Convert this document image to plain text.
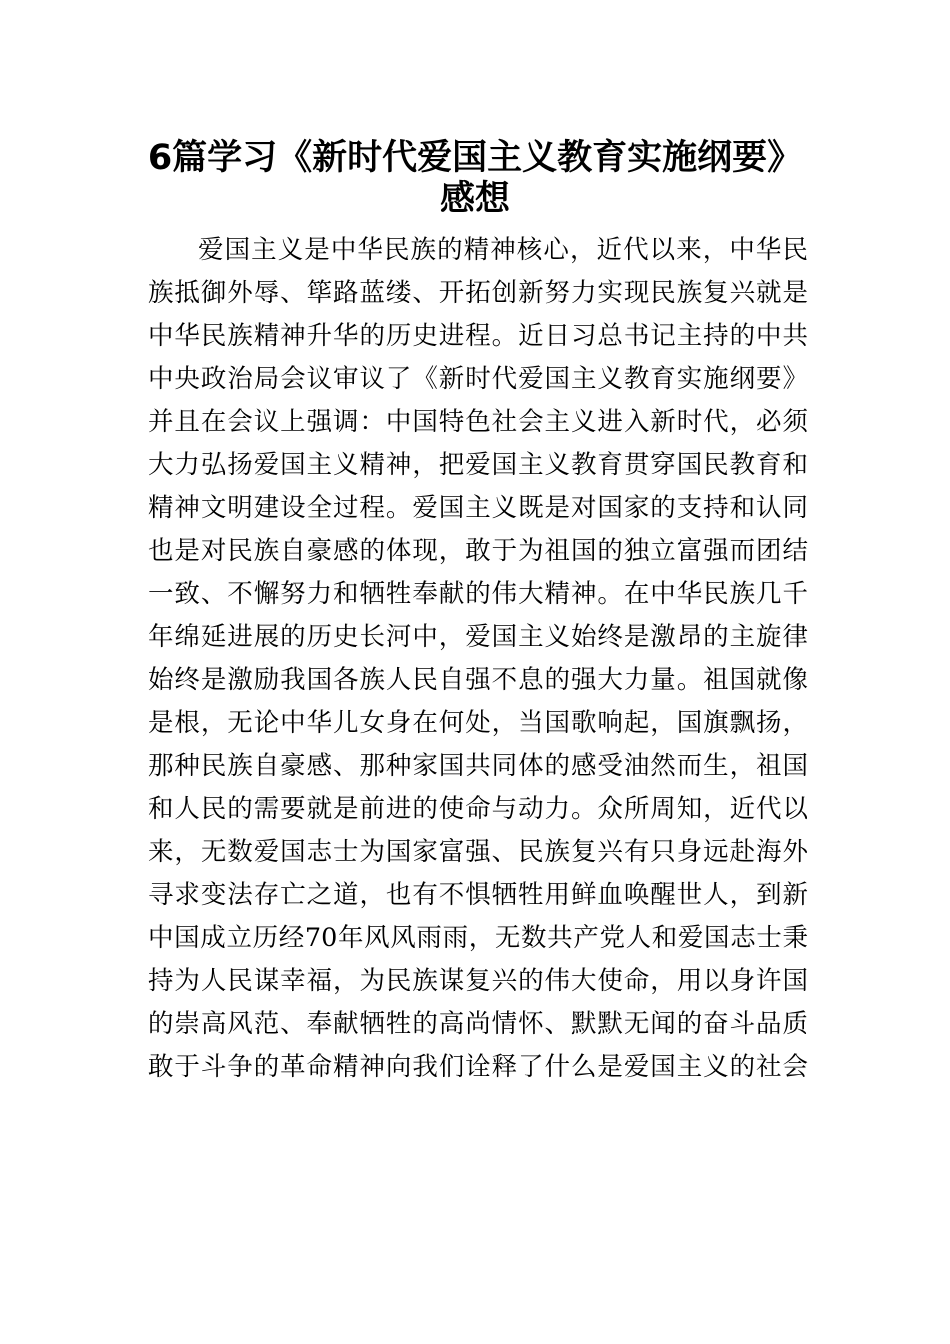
6篇学习《新时代爱国主义教育实施纲要》
感想

爱国主义是中华民族的精神核心，近代以来，中华民

族抵御外辱、筚路蓝缕、开拓创新努力实现民族复兴就是

中华民族精神升华的历史进程。近日习总书记主持的中共

中央政治局会议审议了《新时代爱国主义教育实施纲要》

并且在会议上强调：中国特色社会主义进入新时代，必须

大力弘扬爱国主义精神，把爱国主义教育贯穿国民教育和

精神文明建设全过程。爱国主义既是对国家的支持和认同

也是对民族自豪感的体现，敢于为祖国的独立富强而团结

一致、不懈努力和牺牲奉献的伟大精神。在中华民族几千

年绵延进展的历史长河中，爱国主义始终是激昂的主旋律

始终是激励我国各族人民自强不息的强大力量。祖国就像

是根，无论中华儿女身在何处，当国歌响起，国旗飘扬，

那种民族自豪感、那种家国共同体的感受油然而生，祖国

和人民的需要就是前进的使命与动力。众所周知，近代以

来，无数爱国志士为国家富强、民族复兴有只身远赴海外

寻求变法存亡之道，也有不惧牺牲用鲜血唤醒世人，到新

中国成立历经70年风风雨雨，无数共产党人和爱国志士秉

持为人民谋幸福，为民族谋复兴的伟大使命，用以身许国

的崇高风范、奉献牺牲的高尚情怀、默默无闻的奋斗品质

敢于斗争的革命精神向我们诠释了什么是爱国主义的社会
